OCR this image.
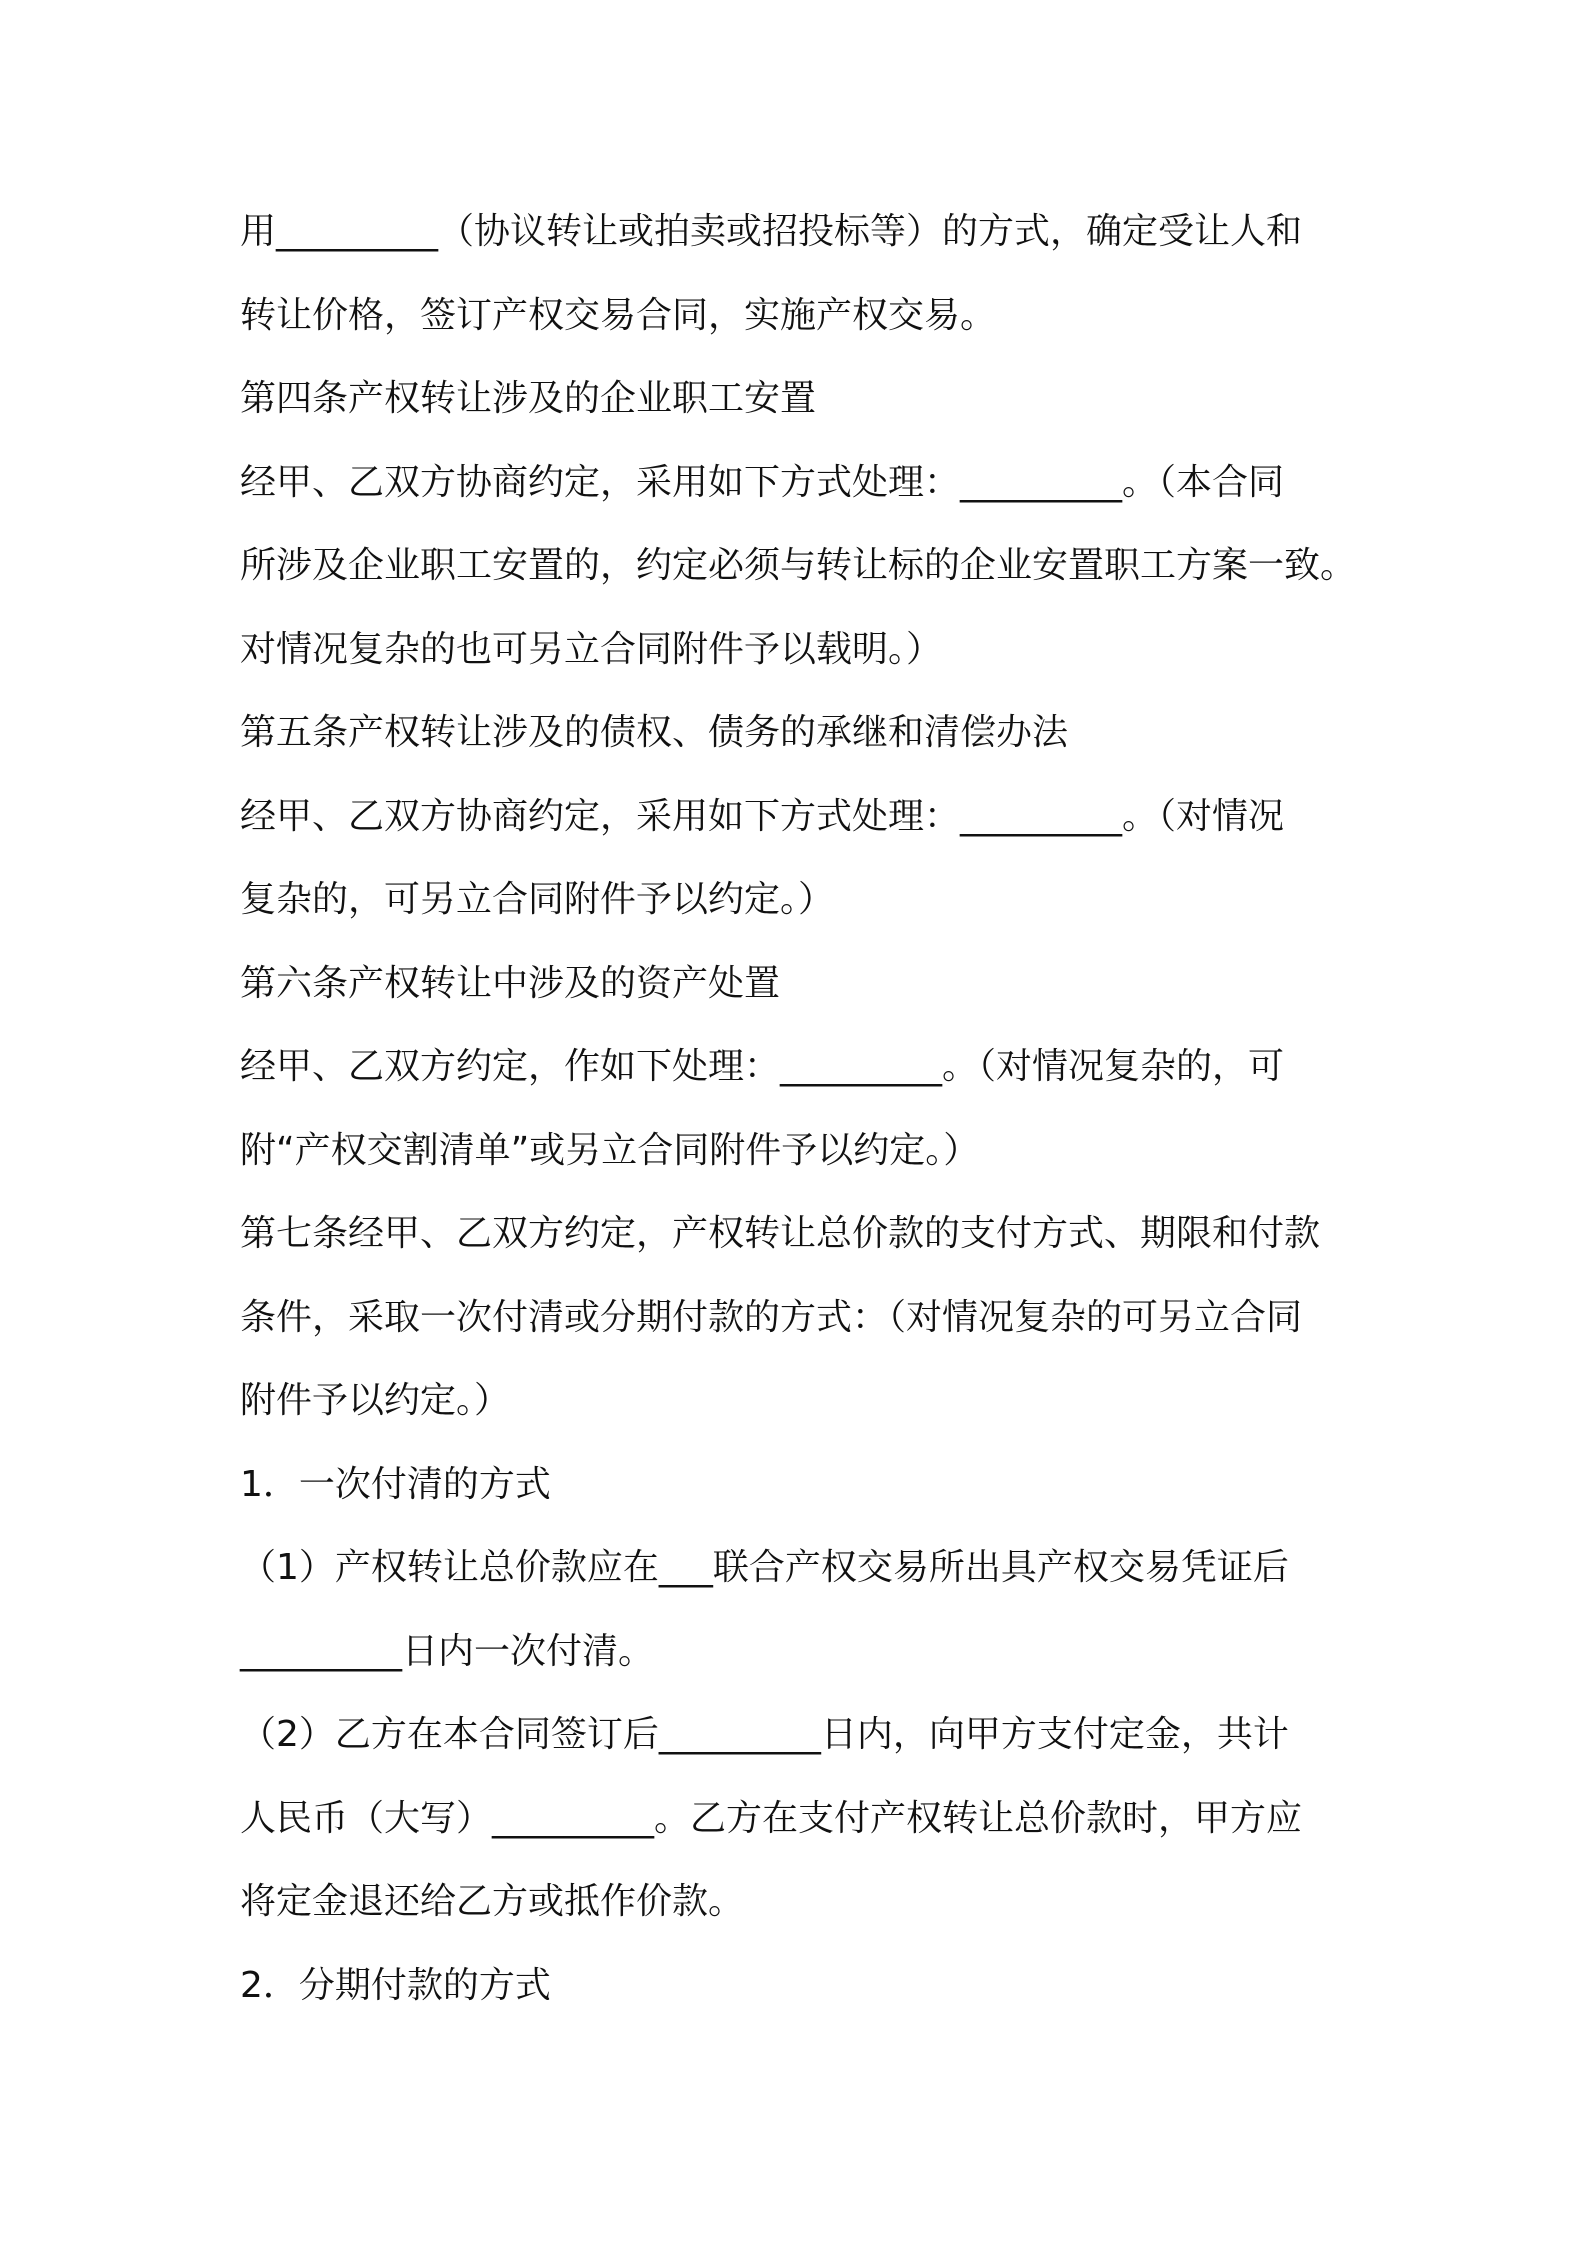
用_________（协议转让或拍卖或招投标等）的方式，确定受让人和

转让价格，签订产权交易合同，实施产权交易。

第四条产权转让涉及的企业职工安置

经甲、乙双方协商约定，采用如下方式处理：_________。（本合同

所涉及企业职工安置的，约定必须与转让标的企业安置职工方案一致。

对情况复杂的也可另立合同附件予以载明。）

第五条产权转让涉及的债权、债务的承继和清偿办法

经甲、乙双方协商约定，采用如下方式处理：_________。（对情况

复杂的，可另立合同附件予以约定。）

第六条产权转让中涉及的资产处置

经甲、乙双方约定，作如下处理：_________。（对情况复杂的，可

附“产权交割清单”或另立合同附件予以约定。）

第七条经甲、乙双方约定，产权转让总价款的支付方式、期限和付款

条件，采取一次付清或分期付款的方式：（对情况复杂的可另立合同

附件予以约定。）

1．一次付清的方式

（1）产权转让总价款应在___联合产权交易所出具产权交易凭证后

_________日内一次付清。

（2）乙方在本合同签订后_________日内，向甲方支付定金，共计

人民币（大写）_________。乙方在支付产权转让总价款时，甲方应

将定金退还给乙方或抵作价款。

2．分期付款的方式
